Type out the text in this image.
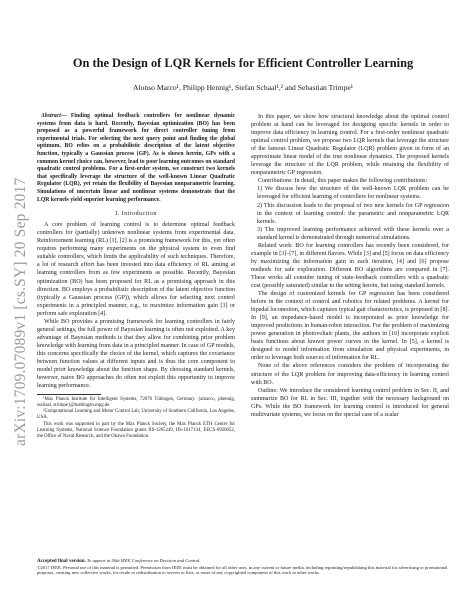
arXiv:1709.07089v1 [cs.SY] 20 Sep 2017
On the Design of LQR Kernels for Efficient Controller Learning
Alonso Marco¹, Philipp Hennig¹, Stefan Schaal¹,² and Sebastian Trimpe¹
Abstract— Finding optimal feedback controllers for nonlinear dynamic systems from data is hard. Recently, Bayesian optimization (BO) has been proposed as a powerful framework for direct controller tuning from experimental trials. For selecting the next query point and finding the global optimum, BO relies on a probabilistic description of the latent objective function, typically a Gaussian process (GP). As is shown herein, GPs with a common kernel choice can, however, lead to poor learning outcomes on standard quadratic control problems. For a first-order system, we construct two kernels that specifically leverage the structure of the well-known Linear Quadratic Regulator (LQR), yet retain the flexibility of Bayesian nonparametric learning. Simulations of uncertain linear and nonlinear systems demonstrate that the LQR kernels yield superior learning performance.
I. Introduction

A core problem of learning control is to determine optimal feedback controllers for (partially) unknown nonlinear systems from experimental data. Reinforcement learning (RL) [1], [2] is a promising framework for this, yet often requires performing many experiments on the physical system to even find suitable controllers, which limits the applicability of such techniques. Therefore, a lot of research effort has been invested into data efficiency of RL aiming at learning controllers from as few experiments as possible. Recently, Bayesian optimization (BO) has been proposed for RL as a promising approach in this direction. BO employs a probabilistic description of the latent objective function (typically a Gaussian process (GP)), which allows for selecting next control experiments in a principled manner, e.g., to maximize information gain [3] or perform safe exploration [4].

While BO provides a promising framework for learning controllers in fairly general settings, the full power of Bayesian learning is often not exploited. A key advantage of Bayesian methods is that they allow for combining prior problem knowledge with learning from data in a principled manner. In case of GP models, this concerns specifically the choice of the kernel, which captures the covariance between function values at different inputs and is thus the core component to model prior knowledge about the function shape. By choosing standard kernels, however, naive BO approaches do often not exploit this opportunity to improve learning performance.

¹Max Planck Institute for Intelligent Systems, 72076 Tübingen, Germany. {amarco, phennig, sschaal, strimpe}@tuebingen.mpg.de

²Computational Learning and Motor Control Lab, University of Southern California, Los Angeles, USA.

This work was supported in part by the Max Planck Society, the Max Planck ETH Center for Learning Systems, National Science Foundation grants IIS-1205249, IIS-1017134, EECS-0926052, the Office of Naval Research, and the Okawa Foundation.

In this paper, we show how structural knowledge about the optimal control problem at hand can be leveraged for designing specific kernels in order to improve data efficiency in learning control. For a first-order nonlinear quadratic optimal control problem, we propose two LQR kernels that leverage the structure of the famous Linear Quadratic Regulator (LQR) problem given in form of an approximate linear model of the true nonlinear dynamics. The proposed kernels leverage the structure of the LQR problem, while retaining the flexibility of nonparametric GP regression.

Contributions: In detail, this paper makes the following contributions:

1) We discuss how the structure of the well-known LQR problem can be leveraged for efficient learning of controllers for nonlinear systems.

2) This discussion leads to the proposal of two new kernels for GP regression in the context of learning control: the parametric and nonparametric LQR kernels.

3) The improved learning performance achieved with these kernels over a standard kernel is demonstrated through numerical simulations.

Related work: BO for learning controllers has recently been considered, for example in [3]–[7], in different flavors. While [3] and [5] focus on data efficiency by maximizing the information gain in each iteration, [4] and [6] propose methods for safe exploration. Different BO algorithms are compared in [7]. These works all consider tuning of state-feedback controllers with a quadratic cost (possibly saturated) similar to the setting herein, but using standard kernels.

The design of customized kernels for GP regression has been considered before in the context of control and robotics for related problems. A kernel for bipedal locomotion, which captures typical gait characteristics, is proposed in [8]. In [9], an impedance-based model is incorporated as prior knowledge for improved predictions in human-robot interaction. For the problem of maximizing power generation in photovoltaic plants, the authors in [10] incorporate explicit basis functions about known power curves in the kernel. In [5], a kernel is designed to model information from simulation and physical experiments, in order to leverage both sources of information for RL.

None of the above references considers the problem of incorporating the structure of the LQR problem for improving data-efficiency in learning control with BO.

Outline: We introduce the considered learning control problem in Sec. II, and summarize BO for RL in Sec. III, together with the necessary background on GPs. While the BO framework for learning control is introduced for general multivariate systems, we focus on the special case of a scalar

Accepted final version. To appear in 56th IEEE Conference on Decision and Control.
©2017 IEEE. Personal use of this material is permitted. Permission from IEEE must be obtained for all other uses, in any current or future media, including reprinting/republishing this material for advertising or promotional purposes, creating new collective works, for resale or redistribution to servers or lists, or reuse of any copyrighted component of this work in other works.
